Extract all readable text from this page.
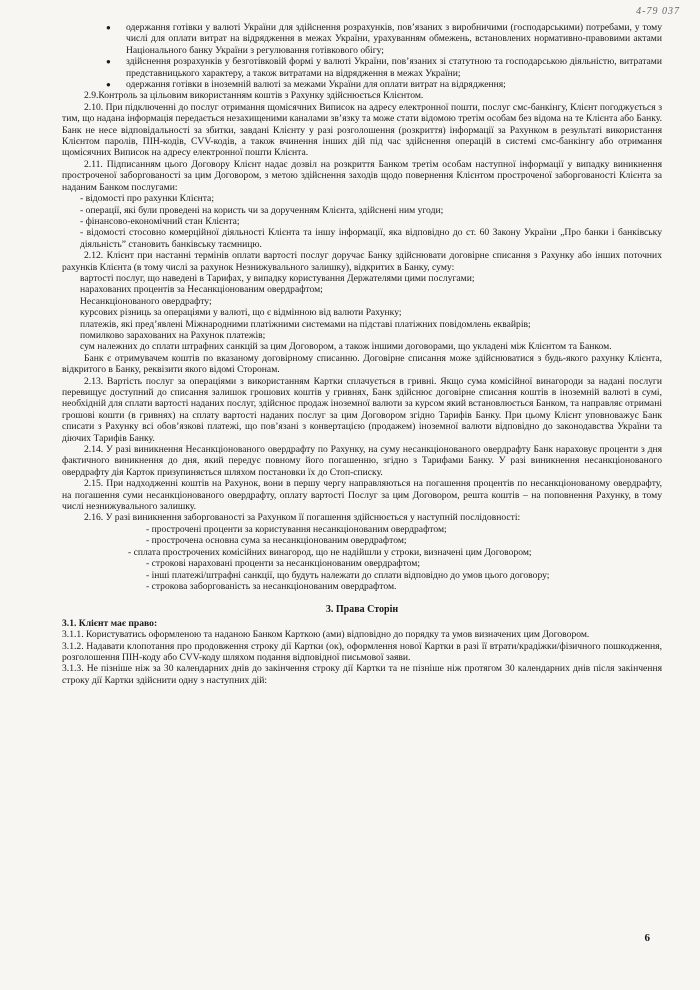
4-79 037
● одержання готівки у валюті України для здійснення розрахунків, пов’язаних з виробничими (господарськими) потребами, у тому числі для оплати витрат на відрядження в межах України, урахуванням обмежень, встановлених нормативно-правовими актами Національного банку України з регулювання готівкового обігу;
● здійснення розрахунків у безготівковій формі у валюті України, пов’язаних зі статутною та господарською діяльністю, витратами представницького характеру, а також витратами на відрядження в межах України;
● одержання готівки в іноземній валюті за межами України для оплати витрат на відрядження;

2.9.Контроль за цільовим використанням коштів з Рахунку здійснюється Клієнтом.

2.10. При підключенні до послуг отримання щомісячних Виписок на адресу електронної пошти, послуг смс-банкінгу, Клієнт погоджується з тим, що надана інформація передається незахищеними каналами зв’язку та може стати відомою третім особам без відома на те Клієнта або Банку. Банк не несе відповідальності за збитки, завдані Клієнту у разі розголошення (розкриття) інформації за Рахунком в результаті використання Клієнтом паролів, ПІН-кодів, CVV-кодів, а також вчинення інших дій під час здійснення операцій в системі смс-банкінгу або отримання щомісячних Виписок на адресу електронної пошти Клієнта.

2.11. Підписанням цього Договору Клієнт надає дозвіл на розкриття Банком третім особам наступної інформації у випадку виникнення простроченої заборгованості за цим Договором, з метою здійснення заходів щодо повернення Клієнтом простроченої заборгованості Клієнта за наданим Банком послугами:

- відомості про рахунки Клієнта;

- операції, які були проведені на користь чи за дорученням Клієнта, здійснені ним угоди;

- фінансово-економічний стан Клієнта;

- відомості стосовно комерційної діяльності Клієнта та іншу інформації, яка відповідно до ст. 60 Закону України „Про банки і банківську діяльність” становить банківську таємницю.

2.12. Клієнт при настанні термінів оплати вартості послуг доручає Банку здійснювати договірне списання з Рахунку або інших поточних рахунків Клієнта (в тому числі за рахунок Незнижувального залишку), відкритих в Банку, суму:

вартості послуг, що наведені в Тарифах, у випадку користування Держателями цими послугами;

нарахованих процентів за Несанкціонованим овердрафтом;

Несанкціонованого овердрафту;

курсових різниць за операціями у валюті, що є відмінною від валюти Рахунку;

платежів, які пред’явлені Міжнародними платіжними системами на підставі платіжних повідомлень еквайрів;

помилково зарахованих на Рахунок платежів;

сум належних до сплати штрафних санкцій за цим Договором, а також іншими договорами, що укладені між Клієнтом та Банком.

Банк є отримувачем коштів по вказаному договірному списанню. Договірне списання може здійснюватися з будь-якого рахунку Клієнта, відкритого в Банку, реквізити якого відомі Сторонам.

2.13. Вартість послуг за операціями з використанням Картки сплачується в гривні. Якщо сума комісійної винагороди за надані послуги перевищує доступний до списання залишок грошових коштів у гривнях, Банк здійснює договірне списання коштів в іноземній валюті в сумі, необхідній для сплати вартості наданих послуг, здійснює продаж іноземної валюти за курсом який встановлюється Банком, та направляє отримані грошові кошти (в гривнях) на сплату вартості наданих послуг за цим Договором згідно Тарифів Банку. При цьому Клієнт уповноважує Банк списати з Рахунку всі обов’язкові платежі, що пов’язані з конвертацією (продажем) іноземної валюти відповідно до законодавства України та діючих Тарифів Банку.

2.14. У разі виникнення Несанкціонованого овердрафту по Рахунку, на суму несанкціонованого овердрафту Банк нараховує проценти з дня фактичного виникнення до дня, який передує повному його погашенню, згідно з Тарифами Банку. У разі виникнення несанкціонованого овердрафту дія Карток призупиняється шляхом постановки їх до Стоп-списку.

2.15. При надходженні коштів на Рахунок, вони в першу чергу направляються на погашення процентів по несанкціонованому овердрафту, на погашення суми несанкціонованого овердрафту, оплату вартості Послуг за цим Договором, решта коштів – на поповнення Рахунку, в тому числі незнижувального залишку.

2.16. У разі виникнення заборгованості за Рахунком її погашення здійснюється у наступній послідовності:

- прострочені проценти за користування несанкціонованим овердрафтом;

- прострочена основна сума за несанкціонованим овердрафтом;

- сплата прострочених комісійних винагород, що не надійшли у строки, визначені цим Договором;

- строкові нараховані проценти за несанкціонованим овердрафтом;

- інші платежі/штрафні санкції, що будуть належати до сплати відповідно до умов цього договору;

- строкова заборгованість за несанкціонованим овердрафтом.

3. Права Сторін

3.1. Клієнт має право:

3.1.1. Користуватись оформленою та наданою Банком Карткою (ами) відповідно до порядку та умов визначених цим Договором.

3.1.2. Надавати клопотання про продовження строку дії Картки (ок), оформлення нової Картки в разі її втрати/крадіжки/фізичного пошкодження, розголошення ПІН-коду або CVV-коду шляхом подання відповідної письмової заяви.

3.1.3. Не пізніше ніж за 30 календарних днів до закінчення строку дії Картки та не пізніше ніж протягом 30 календарних днів після закінчення строку дії Картки здійснити одну з наступних дій:

6
